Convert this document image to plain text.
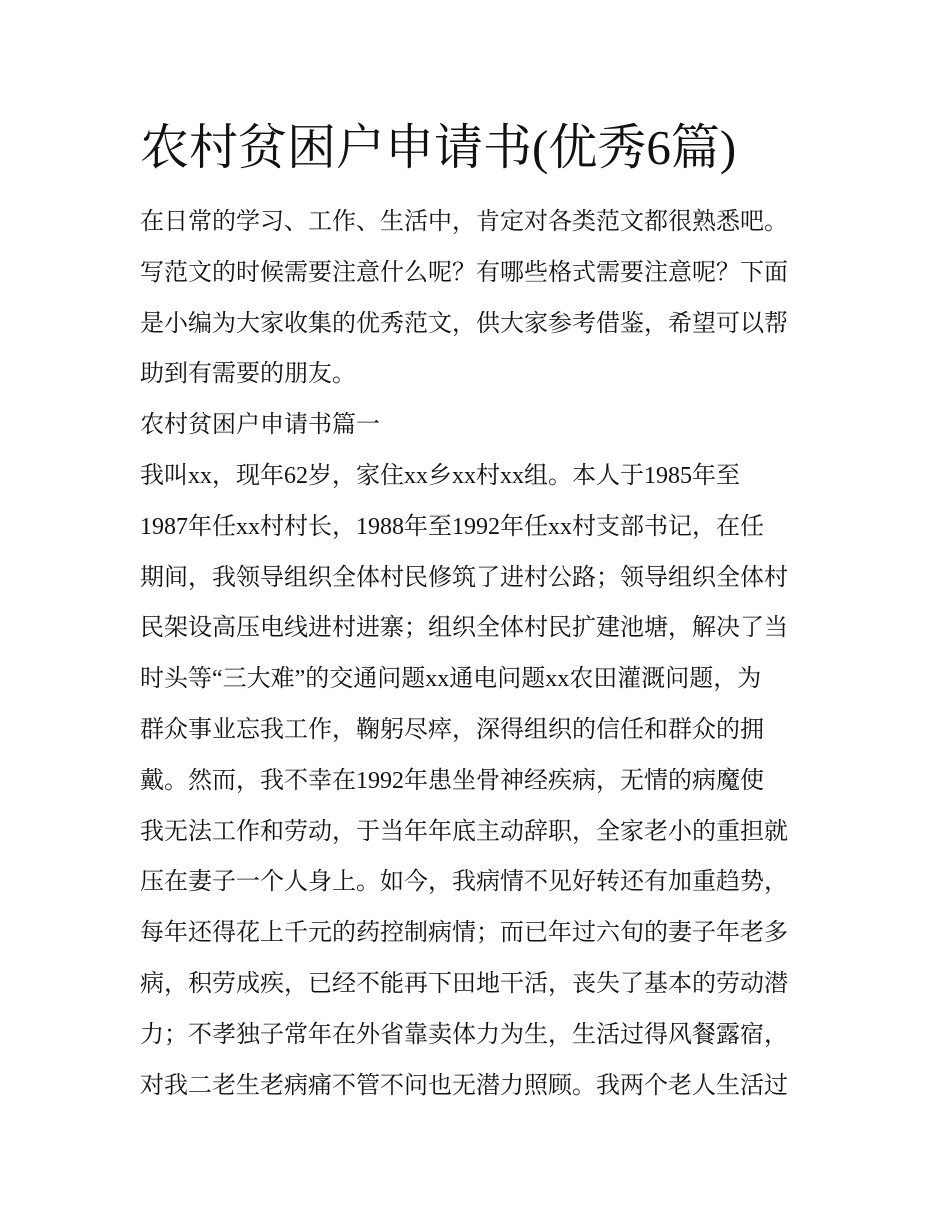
农村贫困户申请书(优秀6篇)
在日常的学习、工作、生活中，肯定对各类范文都很熟悉吧。
写范文的时候需要注意什么呢？有哪些格式需要注意呢？下面
是小编为大家收集的优秀范文，供大家参考借鉴，希望可以帮
助到有需要的朋友。
农村贫困户申请书篇一
我叫xx，现年62岁，家住xx乡xx村xx组。本人于1985年至
1987年任xx村村长，1988年至1992年任xx村支部书记，在任
期间，我领导组织全体村民修筑了进村公路；领导组织全体村
民架设高压电线进村进寨；组织全体村民扩建池塘，解决了当
时头等“三大难”的交通问题xx通电问题xx农田灌溉问题，为
群众事业忘我工作，鞠躬尽瘁，深得组织的信任和群众的拥
戴。然而，我不幸在1992年患坐骨神经疾病，无情的病魔使
我无法工作和劳动，于当年年底主动辞职，全家老小的重担就
压在妻子一个人身上。如今，我病情不见好转还有加重趋势，
每年还得花上千元的药控制病情；而已年过六旬的妻子年老多
病，积劳成疾，已经不能再下田地干活，丧失了基本的劳动潜
力；不孝独子常年在外省靠卖体力为生，生活过得风餐露宿，
对我二老生老病痛不管不问也无潜力照顾。我两个老人生活过
